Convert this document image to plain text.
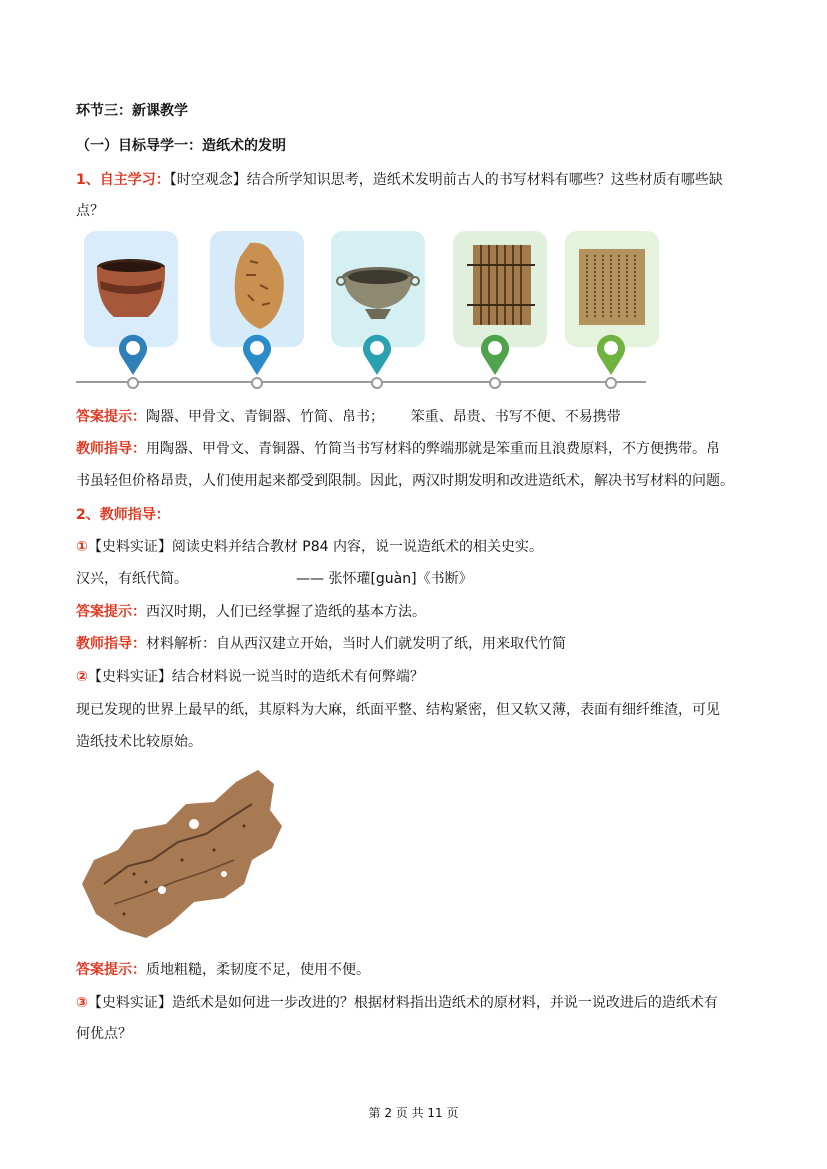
环节三：新课教学
（一）目标导学一：造纸术的发明
1、自主学习：【时空观念】结合所学知识思考，造纸术发明前古人的书写材料有哪些？这些材质有哪些缺
点？
答案提示：陶器、甲骨文、青铜器、竹简、帛书；      笨重、昂贵、书写不便、不易携带
教师指导：用陶器、甲骨文、青铜器、竹简当书写材料的弊端那就是笨重而且浪费原料，不方便携带。帛
书虽轻但价格昂贵，人们使用起来都受到限制。因此，两汉时期发明和改进造纸术，解决书写材料的问题。
2、教师指导：
①【史料实证】阅读史料并结合教材 P84 内容，说一说造纸术的相关史实。
汉兴，有纸代简。	—— 张怀瓘[guàn]《书断》
答案提示：西汉时期，人们已经掌握了造纸的基本方法。
教师指导：材料解析：自从西汉建立开始，当时人们就发明了纸，用来取代竹简
②【史料实证】结合材料说一说当时的造纸术有何弊端？
现已发现的世界上最早的纸，其原料为大麻，纸面平整、结构紧密，但又软又薄，表面有细纤维渣，可见
造纸技术比较原始。
答案提示：质地粗糙，柔韧度不足，使用不便。
③【史料实证】造纸术是如何进一步改进的？根据材料指出造纸术的原材料，并说一说改进后的造纸术有
何优点？
第 2 页 共 11 页
